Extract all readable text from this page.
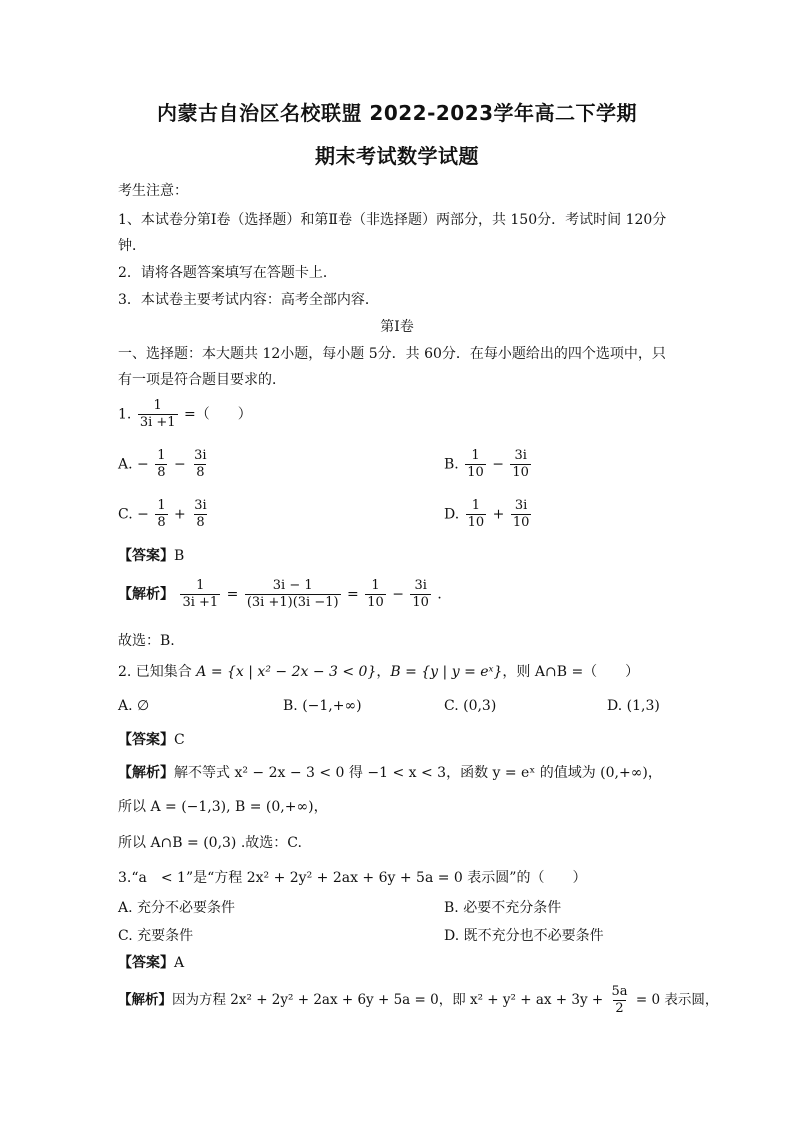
内蒙古自治区名校联盟 2022-2023学年高二下学期
期末考试数学试题
考生注意：
1、本试卷分第Ⅰ卷（选择题）和第Ⅱ卷（非选择题）两部分，共 150分．考试时间 120分
钟．
2．请将各题答案填写在答题卡上．
3．本试卷主要考试内容：高考全部内容．
第Ⅰ卷
一、选择题：本大题共 12小题，每小题 5分．共 60分．在每小题给出的四个选项中，只
有一项是符合题目要求的．
1. $\frac{1}{3i +1}$ =（　　）
A. − $\frac{1}{8} - \frac{3i}{8}$	B. $\frac{1}{10} - \frac{3i}{10}$
C. − $\frac{1}{8} + \frac{3i}{8}$	D. $\frac{1}{10} + \frac{3i}{10}$
【答案】B
【解析】 $\frac{1}{3i +1} = \frac{3i - 1}{(3i +1)(3i -1)} = \frac{1}{10} - \frac{3i}{10}$ ．
故选：B.
2. 已知集合 A = {x | x² − 2x − 3 < 0}，B = {y | y = eˣ}，则 A∩B =（　　）
A. ∅	B. (−1,+∞)	C. (0,3)	D. (1,3)
【答案】C
【解析】解不等式 x² − 2x − 3 < 0 得 −1 < x < 3，函数 y = eˣ 的值域为 (0,+∞)，
所以 A = (−1,3), B = (0,+∞)，
所以 A∩B = (0,3) .故选：C.
3.“a　< 1”是“方程 2x² + 2y² + 2ax + 6y + 5a = 0 表示圆”的（　　）
A. 充分不必要条件	B. 必要不充分条件
C. 充要条件	D. 既不充分也不必要条件
【答案】A
【解析】因为方程 2x² + 2y² + 2ax + 6y + 5a = 0，即 x² + y² + ax + $3y + \frac{5a}{2} = 0$ 表示圆，
